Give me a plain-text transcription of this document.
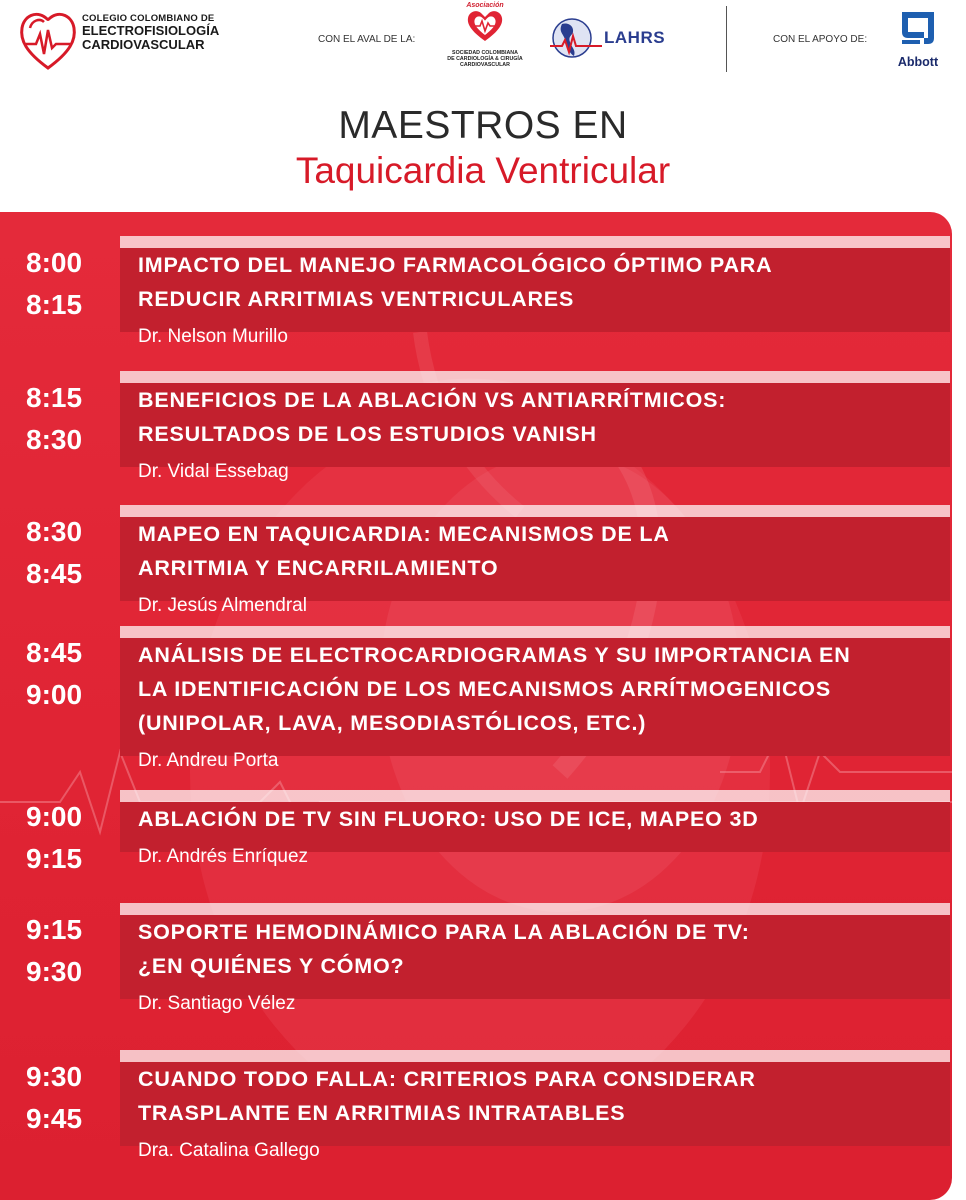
COLEGIO COLOMBIANO DE
ELECTROFISIOLOGÍA
CARDIOVASCULAR	CON EL AVAL DE LA:
Asociación
SOCIEDAD COLOMBIANA
DE CARDIOLOGÍA & CIRUGÍA
CARDIOVASCULAR
LAHRS	CON EL APOYO DE:
Abbott
MAESTROS EN
Taquicardia Ventricular
8:00
8:15
IMPACTO DEL MANEJO FARMACOLÓGICO ÓPTIMO PARA
REDUCIR ARRITMIAS VENTRICULARES
Dr. Nelson Murillo
8:15
8:30
BENEFICIOS DE LA ABLACIÓN VS ANTIARRÍTMICOS:
RESULTADOS DE LOS ESTUDIOS VANISH
Dr. Vidal Essebag
8:30
8:45
MAPEO EN TAQUICARDIA: MECANISMOS DE LA
ARRITMIA Y ENCARRILAMIENTO
Dr. Jesús Almendral
8:45
9:00
ANÁLISIS DE ELECTROCARDIOGRAMAS Y SU IMPORTANCIA EN
LA IDENTIFICACIÓN DE LOS MECANISMOS ARRÍTMOGENICOS
(UNIPOLAR, LAVA, MESODIASTÓLICOS, ETC.)
Dr. Andreu Porta
9:00
9:15
ABLACIÓN DE TV SIN FLUORO: USO DE ICE, MAPEO 3D
Dr. Andrés Enríquez
9:15
9:30
SOPORTE HEMODINÁMICO PARA LA ABLACIÓN DE TV:
¿EN QUIÉNES Y CÓMO?
Dr. Santiago Vélez
9:30
9:45
CUANDO TODO FALLA: CRITERIOS PARA CONSIDERAR
TRASPLANTE EN ARRITMIAS INTRATABLES
Dra. Catalina Gallego
